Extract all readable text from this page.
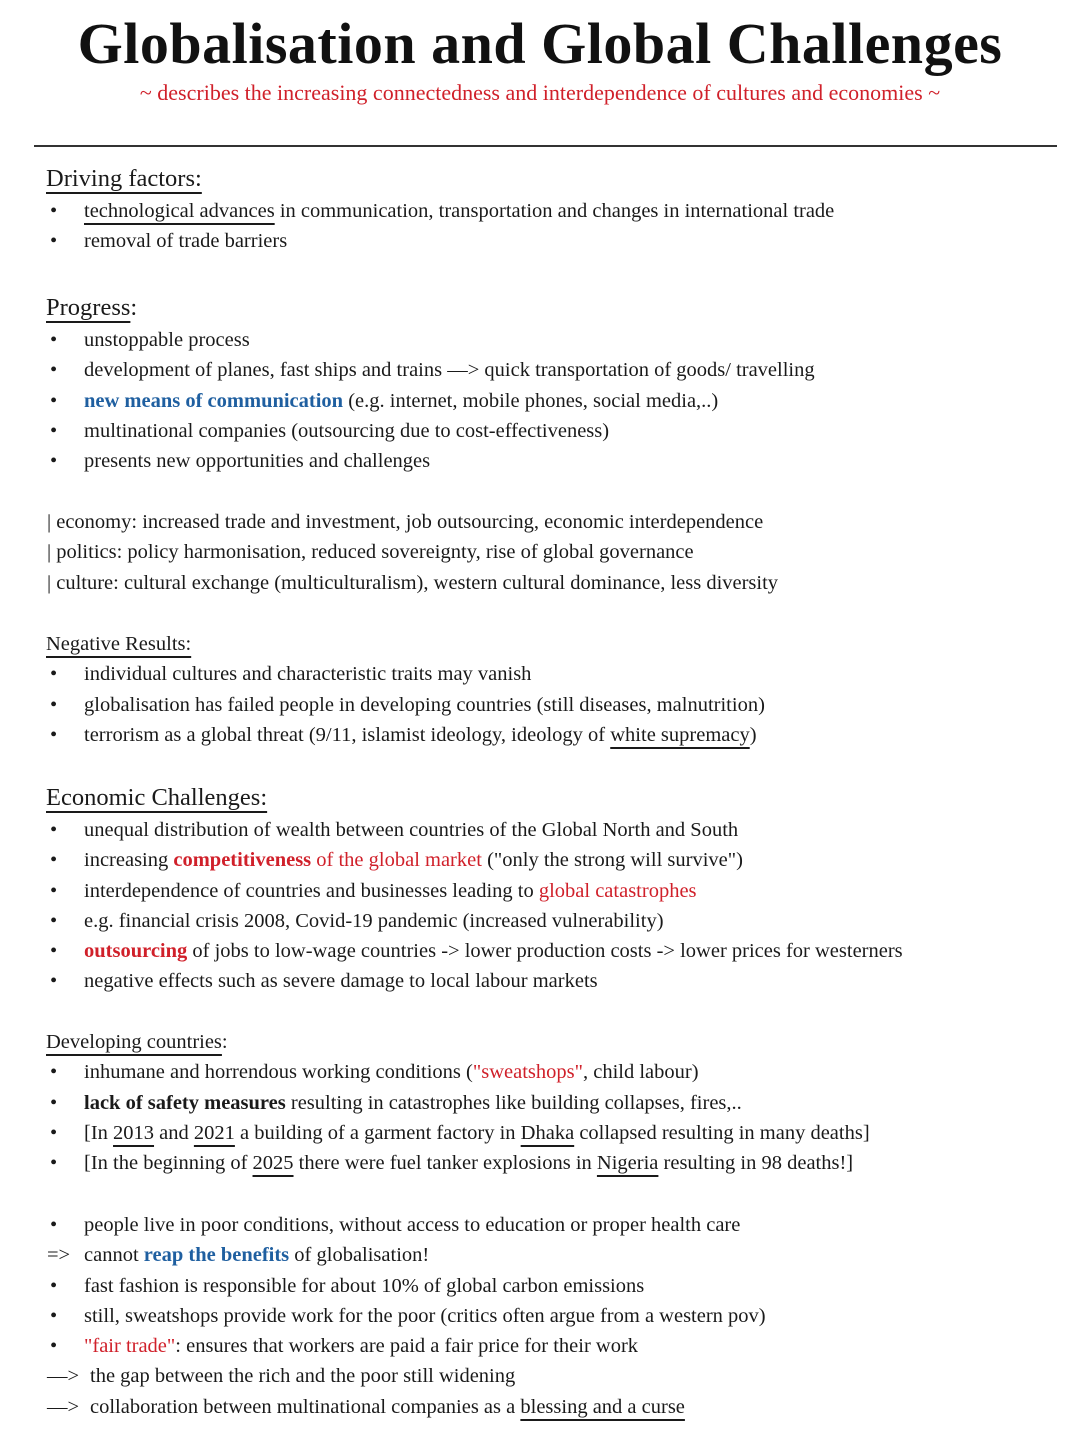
Globalisation and Global Challenges
~ describes the increasing connectedness and interdependence of cultures and economies ~
Driving factors:
• technological advances in communication, transportation and changes in international trade
• removal of trade barriers
Progress:
• unstoppable process
• development of planes, fast ships and trains —> quick transportation of goods/ travelling
• new means of communication (e.g. internet, mobile phones, social media,..)
• multinational companies (outsourcing due to cost-effectiveness)
• presents new opportunities and challenges
| economy: increased trade and investment, job outsourcing, economic interdependence
| politics: policy harmonisation, reduced sovereignty, rise of global governance
| culture: cultural exchange (multiculturalism), western cultural dominance, less diversity
Negative Results:
• individual cultures and characteristic traits may vanish
• globalisation has failed people in developing countries (still diseases, malnutrition)
• terrorism as a global threat (9/11, islamist ideology, ideology of white supremacy)
Economic Challenges:
• unequal distribution of wealth between countries of the Global North and South
• increasing competitiveness of the global market ("only the strong will survive")
• interdependence of countries and businesses leading to global catastrophes
• e.g. financial crisis 2008, Covid-19 pandemic (increased vulnerability)
• outsourcing of jobs to low-wage countries -> lower production costs -> lower prices for westerners
• negative effects such as severe damage to local labour markets
Developing countries:
• inhumane and horrendous working conditions ("sweatshops", child labour)
• lack of safety measures resulting in catastrophes like building collapses, fires,..
• [In 2013 and 2021 a building of a garment factory in Dhaka collapsed resulting in many deaths]
• [In the beginning of 2025 there were fuel tanker explosions in Nigeria resulting in 98 deaths!]
• people live in poor conditions, without access to education or proper health care
=> cannot reap the benefits of globalisation!
• fast fashion is responsible for about 10% of global carbon emissions
• still, sweatshops provide work for the poor (critics often argue from a western pov)
• "fair trade": ensures that workers are paid a fair price for their work
—> the gap between the rich and the poor still widening
—> collaboration between multinational companies as a blessing and a curse
